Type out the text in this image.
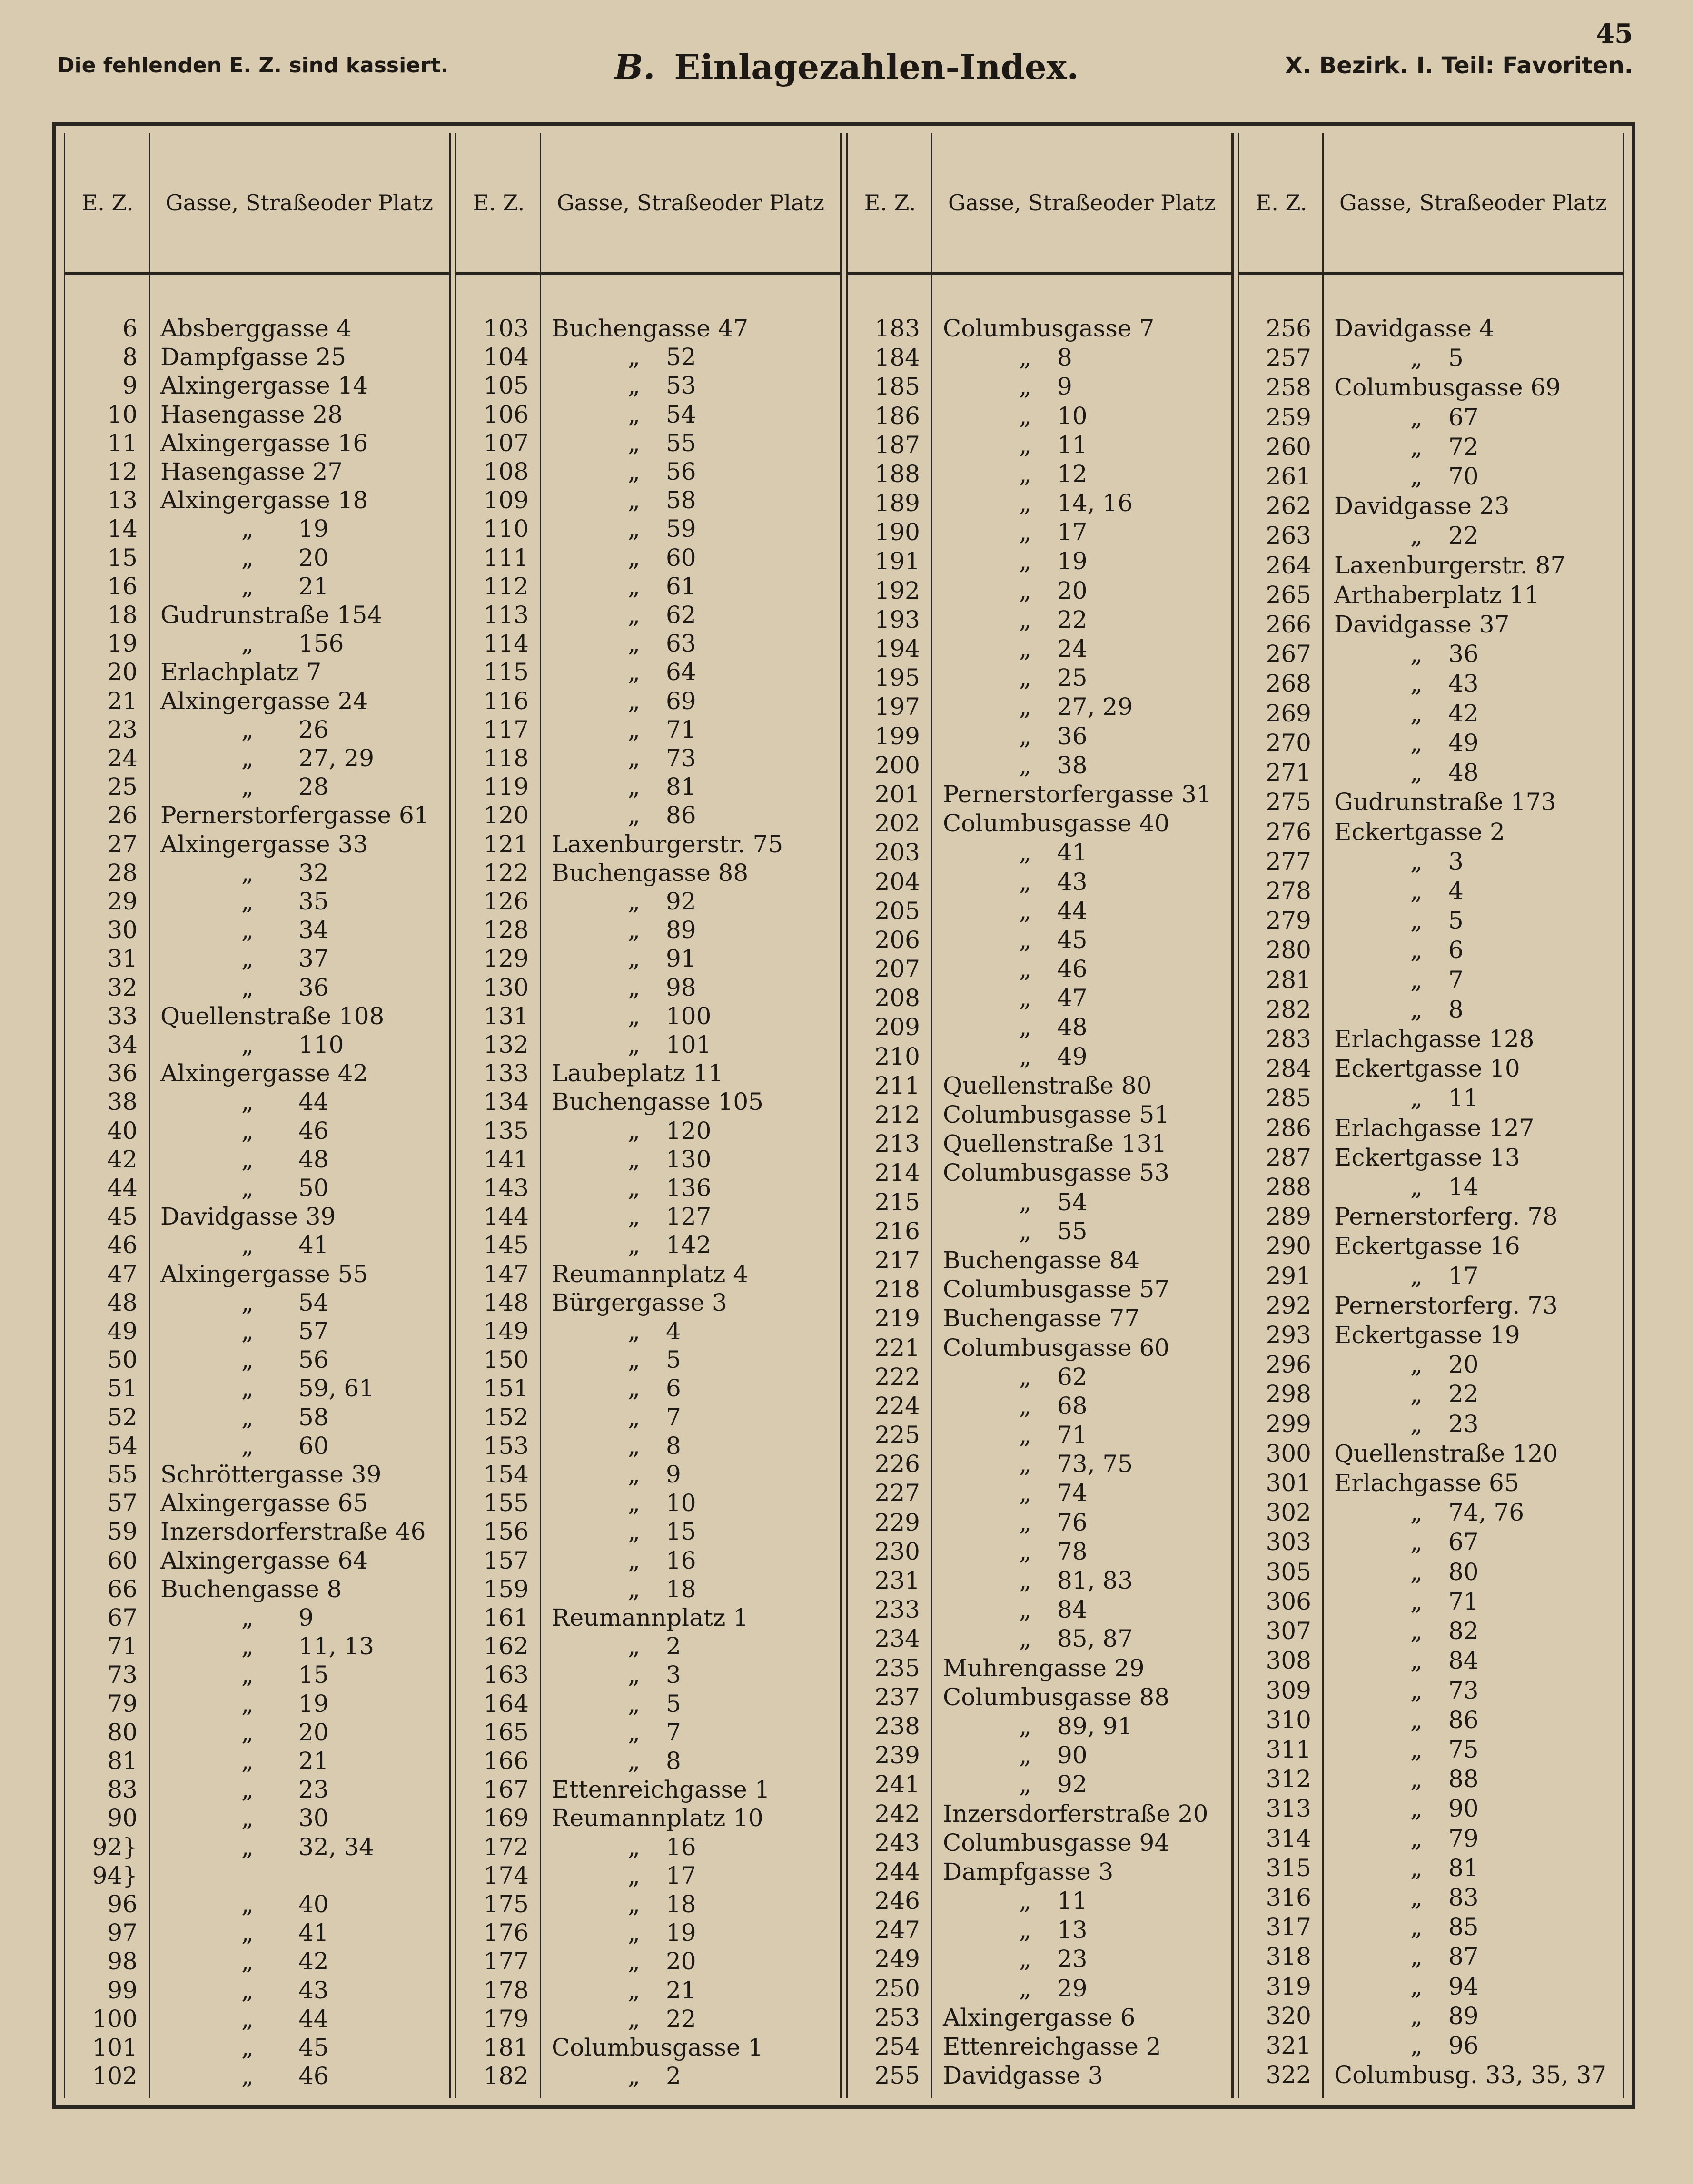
45
Die fehlenden E. Z. sind kassiert.	B. Einlagezahlen-Index.	X. Bezirk. I. Teil: Favoriten.
E. Z.	Gasse, Straße oder Platz
6 Absberggasse 4
8 Dampfgasse 25
9 Alxingergasse 14
10 Hasengasse 28
11 Alxingergasse 16
12 Hasengasse 27
13 Alxingergasse 18
14	„ 19
15	„ 20
16	„ 21
18 Gudrunstraße 154
19	„ 156
20 Erlachplatz 7
21 Alxingergasse 24
23	„ 26
24	„ 27, 29
25	„ 28
26 Pernerstorfergasse 61
27 Alxingergasse 33
28	„ 32
29	„ 35
30	„ 34
31	„ 37
32	„ 36
33 Quellenstraße 108
34	„ 110
36 Alxingergasse 42
38	„ 44
40	„ 46
42	„ 48
44	„ 50
45 Davidgasse 39
46	„ 41
47 Alxingergasse 55
48	„ 54
49	„ 57
50	„ 56
51	„ 59, 61
52	„ 58
54	„ 60
55 Schröttergasse 39
57 Alxingergasse 65
59 Inzersdorferstraße 46
60 Alxingergasse 64
66 Buchengasse 8
67	„ 9
71	„ 11, 13
73	„ 15
79	„ 19
80	„ 20
81	„ 21
83	„ 23
90	„ 30
92}	„ 32, 34
94}
96	„ 40
97	„ 41
98	„ 42
99	„ 43
100	„ 44
101	„ 45
102	„ 46
E. Z.	Gasse, Straße oder Platz
103 Buchengasse 47
104	„ 52
105	„ 53
106	„ 54
107	„ 55
108	„ 56
109	„ 58
110	„ 59
111	„ 60
112	„ 61
113	„ 62
114	„ 63
115	„ 64
116	„ 69
117	„ 71
118	„ 73
119	„ 81
120	„ 86
121 Laxenburgerstr. 75
122 Buchengasse 88
126	„ 92
128	„ 89
129	„ 91
130	„ 98
131	„ 100
132	„ 101
133 Laubeplatz 11
134 Buchengasse 105
135	„ 120
141	„ 130
143	„ 136
144	„ 127
145	„ 142
147 Reumannplatz 4
148 Bürgergasse 3
149	„ 4
150	„ 5
151	„ 6
152	„ 7
153	„ 8
154	„ 9
155	„ 10
156	„ 15
157	„ 16
159	„ 18
161 Reumannplatz 1
162	„ 2
163	„ 3
164	„ 5
165	„ 7
166	„ 8
167 Ettenreichgasse 1
169 Reumannplatz 10
172	„ 16
174	„ 17
175	„ 18
176	„ 19
177	„ 20
178	„ 21
179	„ 22
181 Columbusgasse 1
182	„ 2
E. Z.	Gasse, Straße oder Platz
183 Columbusgasse 7
184	„ 8
185	„ 9
186	„ 10
187	„ 11
188	„ 12
189	„ 14, 16
190	„ 17
191	„ 19
192	„ 20
193	„ 22
194	„ 24
195	„ 25
197	„ 27, 29
199	„ 36
200	„ 38
201 Pernerstorfergasse 31
202 Columbusgasse 40
203	„ 41
204	„ 43
205	„ 44
206	„ 45
207	„ 46
208	„ 47
209	„ 48
210	„ 49
211 Quellenstraße 80
212 Columbusgasse 51
213 Quellenstraße 131
214 Columbusgasse 53
215	„ 54
216	„ 55
217 Buchengasse 84
218 Columbusgasse 57
219 Buchengasse 77
221 Columbusgasse 60
222	„ 62
224	„ 68
225	„ 71
226	„ 73, 75
227	„ 74
229	„ 76
230	„ 78
231	„ 81, 83
233	„ 84
234	„ 85, 87
235 Muhrengasse 29
237 Columbusgasse 88
238	„ 89, 91
239	„ 90
241	„ 92
242 Inzersdorferstraße 20
243 Columbusgasse 94
244 Dampfgasse 3
246	„ 11
247	„ 13
249	„ 23
250	„ 29
253 Alxingergasse 6
254 Ettenreichgasse 2
255 Davidgasse 3
E. Z.	Gasse, Straße oder Platz
256 Davidgasse 4
257	„ 5
258 Columbusgasse 69
259	„ 67
260	„ 72
261	„ 70
262 Davidgasse 23
263	„ 22
264 Laxenburgerstr. 87
265 Arthaberplatz 11
266 Davidgasse 37
267	„ 36
268	„ 43
269	„ 42
270	„ 49
271	„ 48
275 Gudrunstraße 173
276 Eckertgasse 2
277	„ 3
278	„ 4
279	„ 5
280	„ 6
281	„ 7
282	„ 8
283 Erlachgasse 128
284 Eckertgasse 10
285	„ 11
286 Erlachgasse 127
287 Eckertgasse 13
288	„ 14
289 Pernerstorferg. 78
290 Eckertgasse 16
291	„ 17
292 Pernerstorferg. 73
293 Eckertgasse 19
296	„ 20
298	„ 22
299	„ 23
300 Quellenstraße 120
301 Erlachgasse 65
302	„ 74, 76
303	„ 67
305	„ 80
306	„ 71
307	„ 82
308	„ 84
309	„ 73
310	„ 86
311	„ 75
312	„ 88
313	„ 90
314	„ 79
315	„ 81
316	„ 83
317	„ 85
318	„ 87
319	„ 94
320	„ 89
321	„ 96
322 Columbusg. 33, 35, 37
